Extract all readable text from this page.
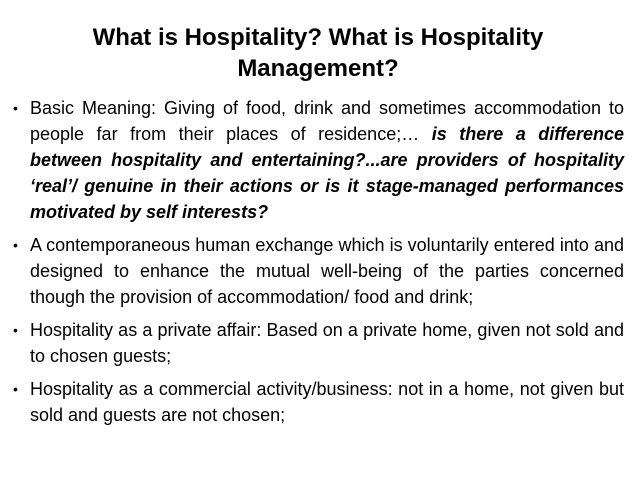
What is Hospitality? What is Hospitality Management?
• Basic Meaning: Giving of food, drink and sometimes accommodation to people far from their places of residence;… is there a difference between hospitality and entertaining?...are providers of hospitality ‘real’/ genuine in their actions or is it stage-managed performances motivated by self interests?

• A contemporaneous human exchange which is voluntarily entered into and designed to enhance the mutual well-being of the parties concerned though the provision of accommodation/ food and drink;

• Hospitality as a private affair: Based on a private home, given not sold and to chosen guests;

• Hospitality as a commercial activity/business: not in a home, not given but sold and guests are not chosen;
